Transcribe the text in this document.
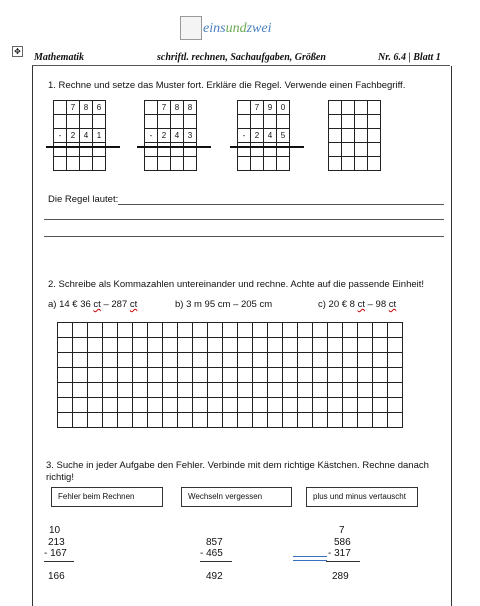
einsundzwei
✥
Mathematik	schriftl. rechnen, Sachaufgaben, Größen	Nr. 6.4 | Blatt 1
1. Rechne und setze das Muster fort. Erkläre die Regel. Verwende einen Fachbegriff.
	7	8	6

-	2	4	1

	7	8	8

-	2	4	3

	7	9	0

-	2	4	5

Die Regel lautet:
2. Schreibe als Kommazahlen untereinander und rechne. Achte auf die passende Einheit!
a) 14 € 36 ct – 287 ct	b) 3 m 95 cm – 205 cm	c) 20 € 8 ct – 98 ct

3. Suche in jeder Aufgabe den Fehler. Verbinde mit dem richtige Kästchen. Rechne danach richtig!
Fehler beim Rechnen	Wechseln vergessen	plus und minus vertauscht
10
213
- 167
166
857
- 465
492
7
586
- 317
289
